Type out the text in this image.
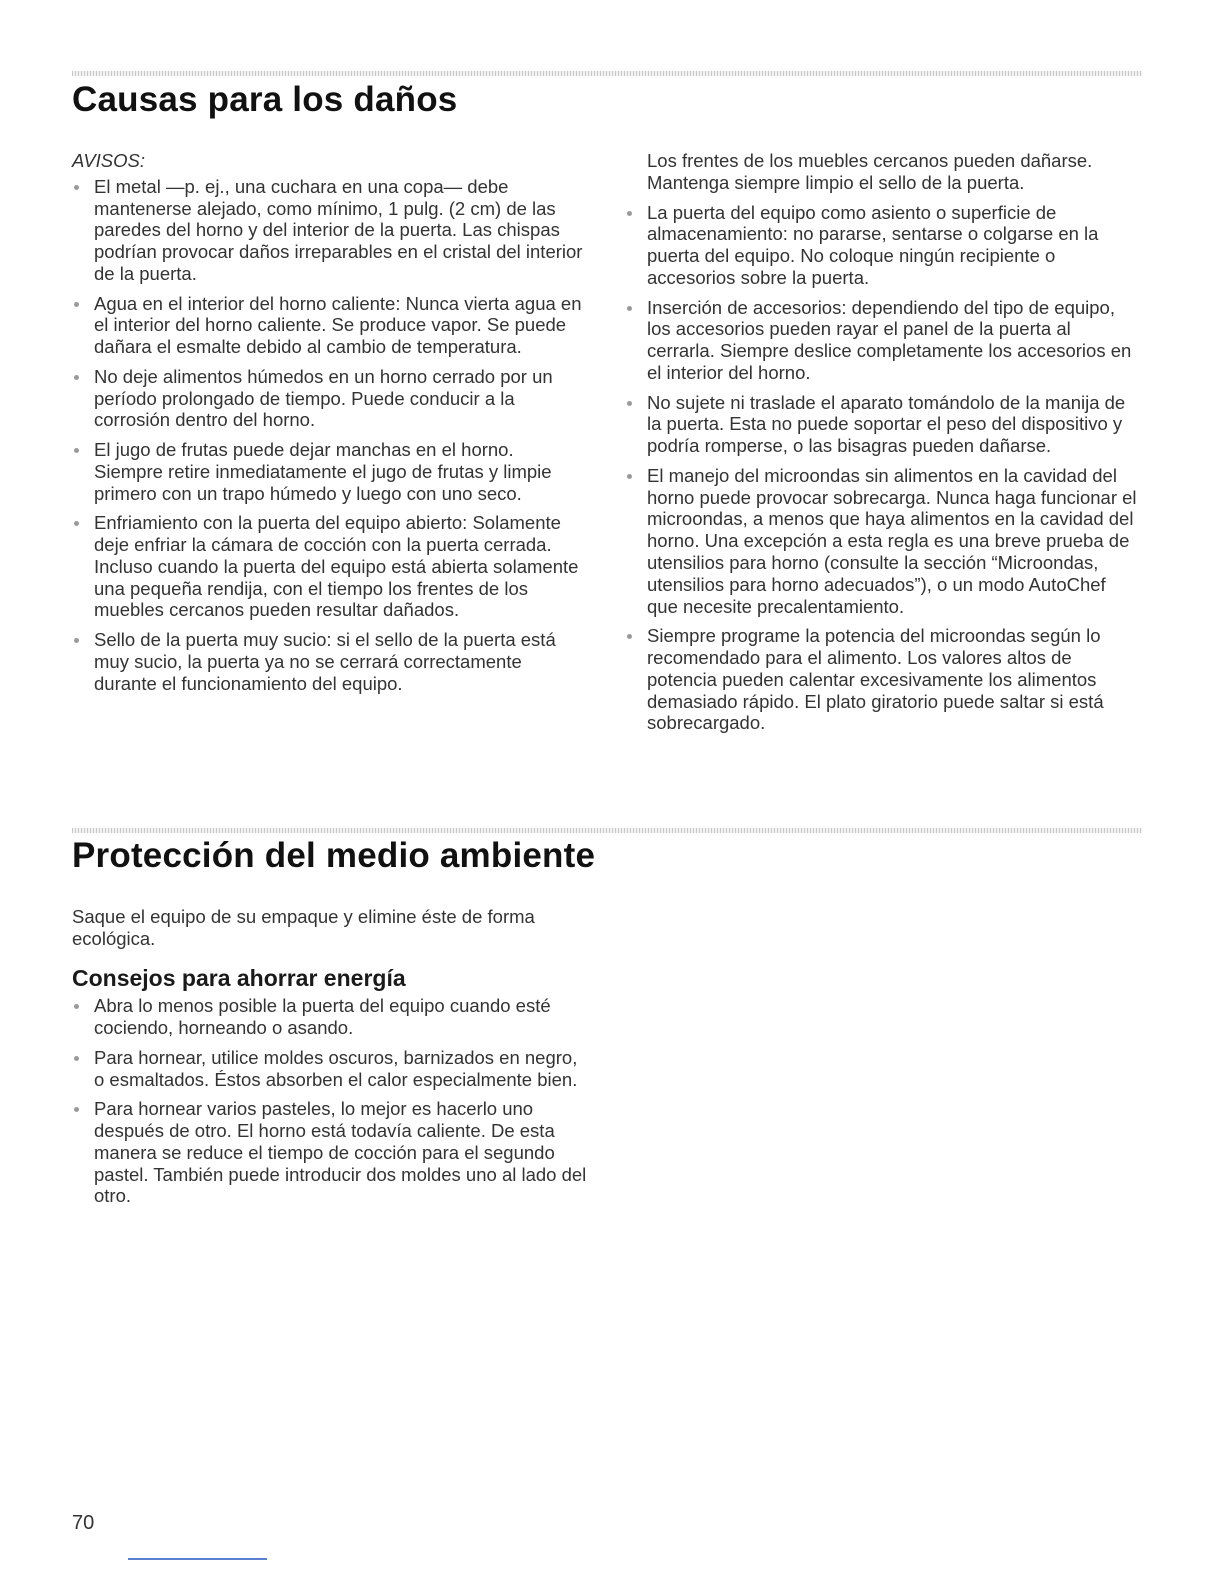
Causas para los daños

AVISOS:

El metal —p. ej., una cuchara en una copa— debe mantenerse alejado, como mínimo, 1 pulg. (2 cm) de las paredes del horno y del interior de la puerta. Las chispas podrían provocar daños irreparables en el cristal del interior de la puerta.
Agua en el interior del horno caliente: Nunca vierta agua en el interior del horno caliente. Se produce vapor. Se puede dañara el esmalte debido al cambio de temperatura.
No deje alimentos húmedos en un horno cerrado por un período prolongado de tiempo. Puede conducir a la corrosión dentro del horno.
El jugo de frutas puede dejar manchas en el horno. Siempre retire inmediatamente el jugo de frutas y limpie primero con un trapo húmedo y luego con uno seco.
Enfriamiento con la puerta del equipo abierto: Solamente deje enfriar la cámara de cocción con la puerta cerrada. Incluso cuando la puerta del equipo está abierta solamente una pequeña rendija, con el tiempo los frentes de los muebles cercanos pueden resultar dañados.
Sello de la puerta muy sucio: si el sello de la puerta está muy sucio, la puerta ya no se cerrará correctamente durante el funcionamiento del equipo.

Los frentes de los muebles cercanos pueden dañarse. Mantenga siempre limpio el sello de la puerta.

La puerta del equipo como asiento o superficie de almacenamiento: no pararse, sentarse o colgarse en la puerta del equipo. No coloque ningún recipiente o accesorios sobre la puerta.
Inserción de accesorios: dependiendo del tipo de equipo, los accesorios pueden rayar el panel de la puerta al cerrarla. Siempre deslice completamente los accesorios en el interior del horno.
No sujete ni traslade el aparato tomándolo de la manija de la puerta. Esta no puede soportar el peso del dispositivo y podría romperse, o las bisagras pueden dañarse.
El manejo del microondas sin alimentos en la cavidad del horno puede provocar sobrecarga. Nunca haga funcionar el microondas, a menos que haya alimentos en la cavidad del horno. Una excepción a esta regla es una breve prueba de utensilios para horno (consulte la sección “Microondas, utensilios para horno adecuados”), o un modo AutoChef que necesite precalentamiento.
Siempre programe la potencia del microondas según lo recomendado para el alimento. Los valores altos de potencia pueden calentar excesivamente los alimentos demasiado rápido. El plato giratorio puede saltar si está sobrecargado.
Protección del medio ambiente

Saque el equipo de su empaque y elimine éste de forma ecológica.

Consejos para ahorrar energía
Abra lo menos posible la puerta del equipo cuando esté cociendo, horneando o asando.
Para hornear, utilice moldes oscuros, barnizados en negro, o esmaltados. Éstos absorben el calor especialmente bien.
Para hornear varios pasteles, lo mejor es hacerlo uno después de otro. El horno está todavía caliente. De esta manera se reduce el tiempo de cocción para el segundo pastel. También puede introducir dos moldes uno al lado del otro.
70
